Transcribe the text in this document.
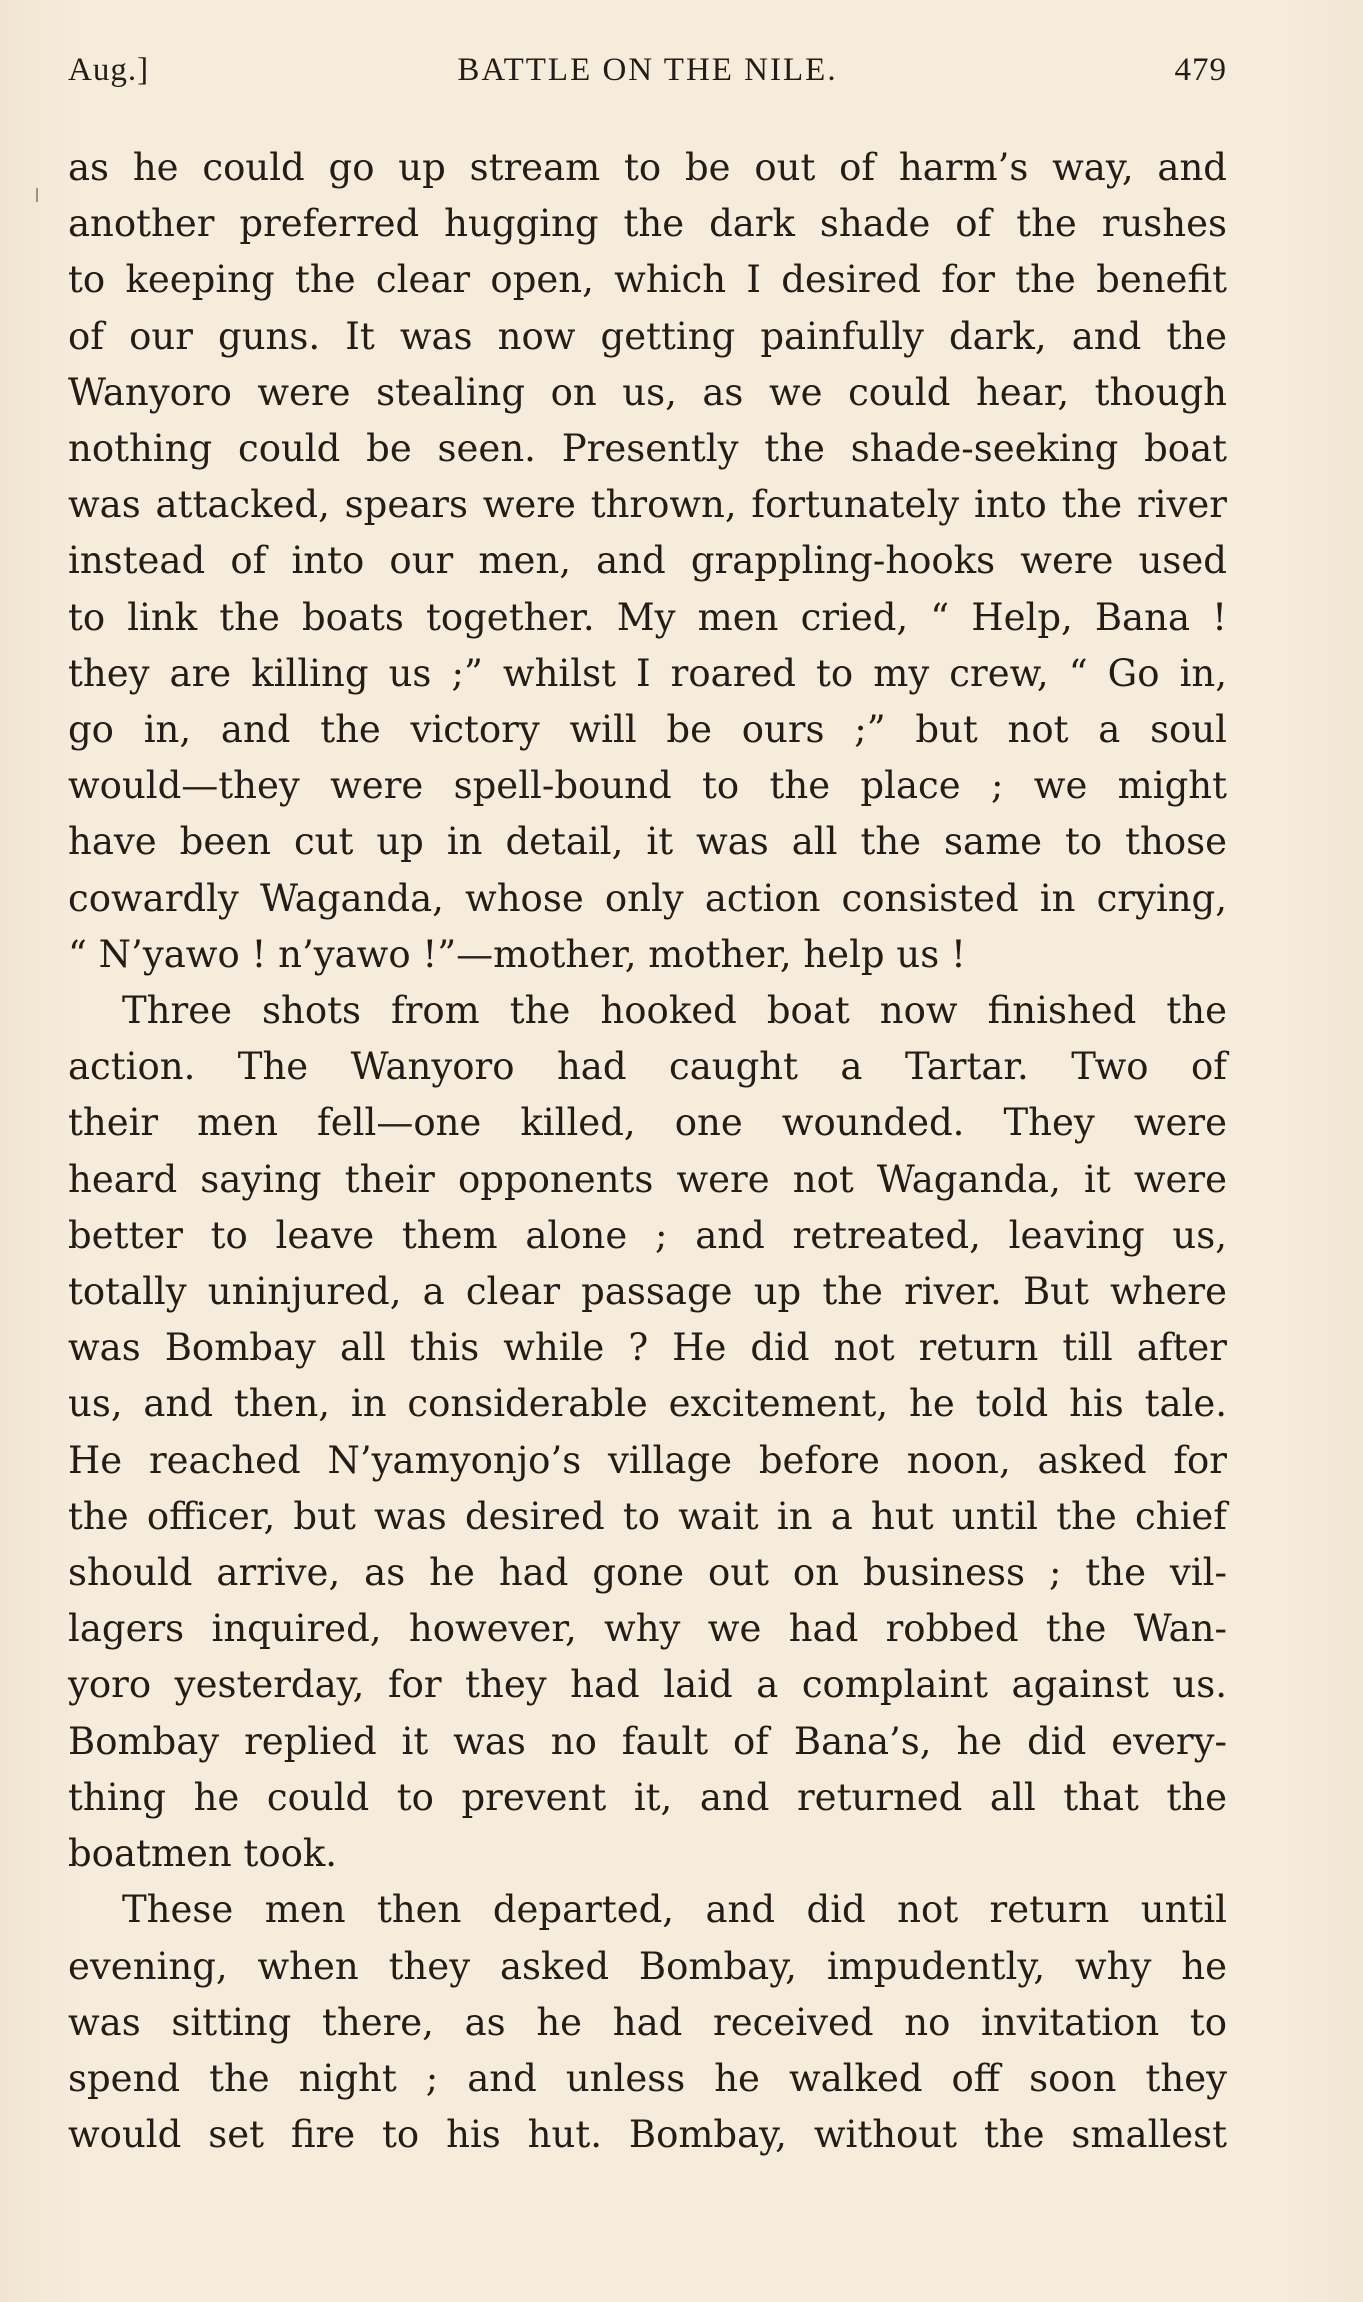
Aug.]	BATTLE ON THE NILE.	479
as he could go up stream to be out of harm’s way, and
another preferred hugging the dark shade of the rushes
to keeping the clear open, which I desired for the benefit
of our guns. It was now getting painfully dark, and the
Wanyoro were stealing on us, as we could hear, though
nothing could be seen. Presently the shade-seeking boat
was attacked, spears were thrown, fortunately into the river
instead of into our men, and grappling-hooks were used
to link the boats together. My men cried, “ Help, Bana !
they are killing us ;” whilst I roared to my crew, “ Go in,
go in, and the victory will be ours ;” but not a soul
would—they were spell-bound to the place ; we might
have been cut up in detail, it was all the same to those
cowardly Waganda, whose only action consisted in crying,
“ N’yawo ! n’yawo !”—mother, mother, help us !
Three shots from the hooked boat now finished the
action. The Wanyoro had caught a Tartar. Two of
their men fell—one killed, one wounded. They were
heard saying their opponents were not Waganda, it were
better to leave them alone ; and retreated, leaving us,
totally uninjured, a clear passage up the river. But where
was Bombay all this while ? He did not return till after
us, and then, in considerable excitement, he told his tale.
He reached N’yamyonjo’s village before noon, asked for
the officer, but was desired to wait in a hut until the chief
should arrive, as he had gone out on business ; the vil-
lagers inquired, however, why we had robbed the Wan-
yoro yesterday, for they had laid a complaint against us.
Bombay replied it was no fault of Bana’s, he did every-
thing he could to prevent it, and returned all that the
boatmen took.
These men then departed, and did not return until
evening, when they asked Bombay, impudently, why he
was sitting there, as he had received no invitation to
spend the night ; and unless he walked off soon they
would set fire to his hut. Bombay, without the smallest
